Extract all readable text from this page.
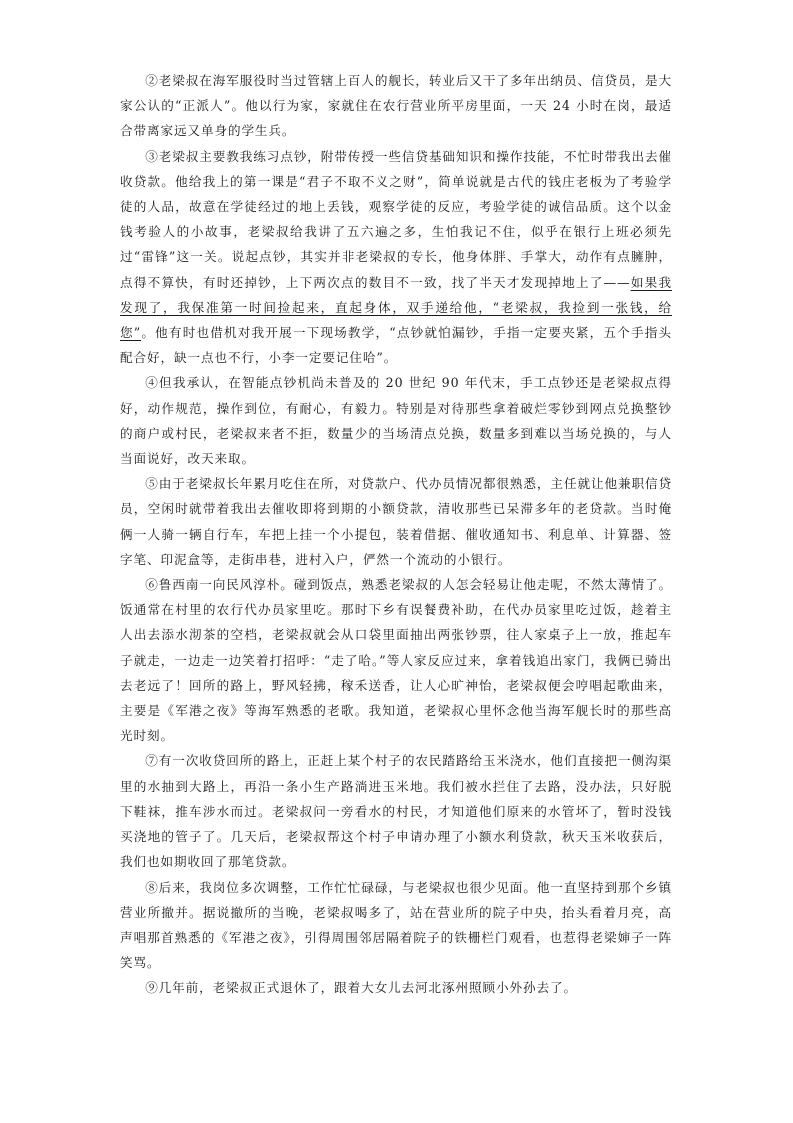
②老梁叔在海军服役时当过管辖上百人的舰长，转业后又干了多年出纳员、信贷员，是大家公认的“正派人”。他以行为家，家就住在农行营业所平房里面，一天 24 小时在岗，最适合带离家远又单身的学生兵。

③老梁叔主要教我练习点钞，附带传授一些信贷基础知识和操作技能，不忙时带我出去催收贷款。他给我上的第一课是“君子不取不义之财”，简单说就是古代的钱庄老板为了考验学徒的人品，故意在学徒经过的地上丢钱，观察学徒的反应，考验学徒的诚信品质。这个以金钱考验人的小故事，老梁叔给我讲了五六遍之多，生怕我记不住，似乎在银行上班必须先过“雷锋”这一关。说起点钞，其实并非老梁叔的专长，他身体胖、手掌大，动作有点臃肿，点得不算快，有时还掉钞，上下两次点的数目不一致，找了半天才发现掉地上了——如果我发现了，我保准第一时间捡起来，直起身体，双手递给他，“老梁叔，我捡到一张钱，给您”。他有时也借机对我开展一下现场教学，“点钞就怕漏钞，手指一定要夹紧，五个手指头配合好，缺一点也不行，小李一定要记住哈”。

④但我承认，在智能点钞机尚未普及的 20 世纪 90 年代末，手工点钞还是老梁叔点得好，动作规范，操作到位，有耐心，有毅力。特别是对待那些拿着破烂零钞到网点兑换整钞的商户或村民，老梁叔来者不拒，数量少的当场清点兑换，数量多到难以当场兑换的，与人当面说好，改天来取。

⑤由于老梁叔长年累月吃住在所，对贷款户、代办员情况都很熟悉，主任就让他兼职信贷员，空闲时就带着我出去催收即将到期的小额贷款，清收那些已呆滞多年的老贷款。当时俺俩一人骑一辆自行车，车把上挂一个小提包，装着借据、催收通知书、利息单、计算器、签字笔、印泥盒等，走街串巷，进村入户，俨然一个流动的小银行。

⑥鲁西南一向民风淳朴。碰到饭点，熟悉老梁叔的人怎会轻易让他走呢，不然太薄情了。饭通常在村里的农行代办员家里吃。那时下乡有误餐费补助，在代办员家里吃过饭，趁着主人出去添水沏茶的空档，老梁叔就会从口袋里面抽出两张钞票，往人家桌子上一放，推起车子就走，一边走一边笑着打招呼：“走了哈。”等人家反应过来，拿着钱追出家门，我俩已骑出去老远了！回所的路上，野风轻拂，稼禾送香，让人心旷神怡，老梁叔便会哼唱起歌曲来，主要是《军港之夜》等海军熟悉的老歌。我知道，老梁叔心里怀念他当海军舰长时的那些高光时刻。

⑦有一次收贷回所的路上，正赶上某个村子的农民踏路给玉米浇水，他们直接把一侧沟渠里的水抽到大路上，再沿一条小生产路淌进玉米地。我们被水拦住了去路，没办法，只好脱下鞋袜，推车涉水而过。老梁叔问一旁看水的村民，才知道他们原来的水管坏了，暂时没钱买浇地的管子了。几天后，老梁叔帮这个村子申请办理了小额水利贷款，秋天玉米收获后，我们也如期收回了那笔贷款。

⑧后来，我岗位多次调整，工作忙忙碌碌，与老梁叔也很少见面。他一直坚持到那个乡镇营业所撤并。据说撤所的当晚，老梁叔喝多了，站在营业所的院子中央，抬头看着月亮，高声唱那首熟悉的《军港之夜》，引得周围邻居隔着院子的铁栅栏门观看，也惹得老梁婶子一阵笑骂。

⑨几年前，老梁叔正式退休了，跟着大女儿去河北涿州照顾小外孙去了。
